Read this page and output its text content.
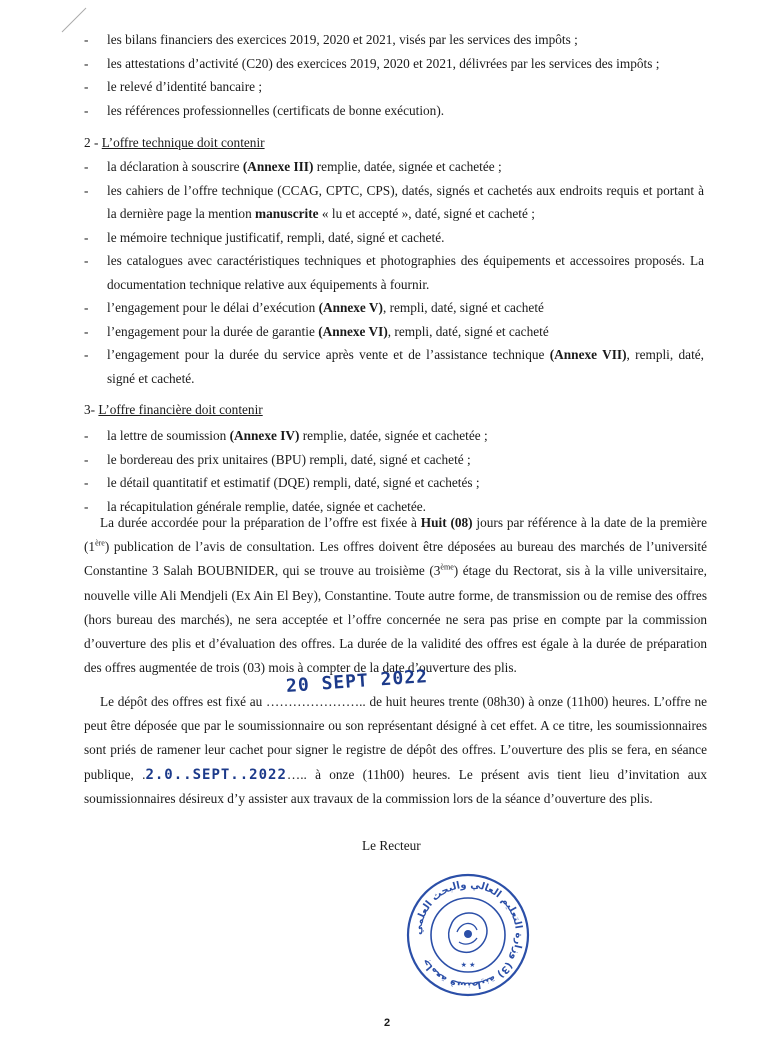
- les bilans financiers des exercices 2019, 2020 et 2021, visés par les services des impôts ;
- les attestations d’activité (C20) des exercices 2019, 2020 et 2021, délivrées par les services des impôts ;
- le relevé d’identité bancaire ;
- les références professionnelles (certificats de bonne exécution).
2 - L’offre technique doit contenir
- la déclaration à souscrire (Annexe III) remplie, datée, signée et cachetée ;
- les cahiers de l’offre technique (CCAG, CPTC, CPS), datés, signés et cachetés aux endroits requis et portant à la dernière page la mention manuscrite « lu et accepté », daté, signé et cacheté ;
- le mémoire technique justificatif, rempli, daté, signé et cacheté.
- les catalogues avec caractéristiques techniques et photographies des équipements et accessoires proposés. La documentation technique relative aux équipements à fournir.
- l’engagement pour le délai d’exécution (Annexe V), rempli, daté, signé et cacheté
- l’engagement pour la durée de garantie (Annexe VI), rempli, daté, signé et cacheté
- l’engagement pour la durée du service après vente et de l’assistance technique (Annexe VII), rempli, daté, signé et cacheté.
3- L’offre financière doit contenir
- la lettre de soumission (Annexe IV) remplie, datée, signée et cachetée ;
- le bordereau des prix unitaires (BPU) rempli, daté, signé et cacheté ;
- le détail quantitatif et estimatif (DQE) rempli, daté, signé et cachetés ;
- la récapitulation générale remplie, datée, signée et cachetée.

La durée accordée pour la préparation de l’offre est fixée à Huit (08) jours par référence à la date de la première (1ère) publication de l’avis de consultation. Les offres doivent être déposées au bureau des marchés de l’université Constantine 3 Salah BOUBNIDER, qui se trouve au troisième (3ème) étage du Rectorat, sis à la ville universitaire, nouvelle ville Ali Mendjeli (Ex Ain El Bey), Constantine. Toute autre forme, de transmission ou de remise des offres (hors bureau des marchés), ne sera acceptée et l’offre concernée ne sera pas prise en compte par la commission d’ouverture des plis et d’évaluation des offres. La durée de la validité des offres est égale à la durée de préparation des offres augmentée de trois (03) mois à compter de la date d’ouverture des plis.

Le dépôt des offres est fixé au ………………….. de huit heures trente (08h30) à onze (11h00) heures. L’offre ne peut être déposée que par le soumissionnaire ou son représentant désigné à cet effet. A ce titre, les soumissionnaires sont priés de ramener leur cachet pour signer le registre de dépôt des offres. L’ouverture des plis se fera, en séance publique, .2.0..SEPT..2022….. à onze (11h00) heures. Le présent avis tient lieu d’invitation aux soumissionnaires désireux d’y assister aux travaux de la commission lors de la séance d’ouverture des plis.

20 SEPT 2022
Le Recteur
جامعة قسنطينة (3) وزارة التعليم العالي والبحث العلمي	★ ★
2
